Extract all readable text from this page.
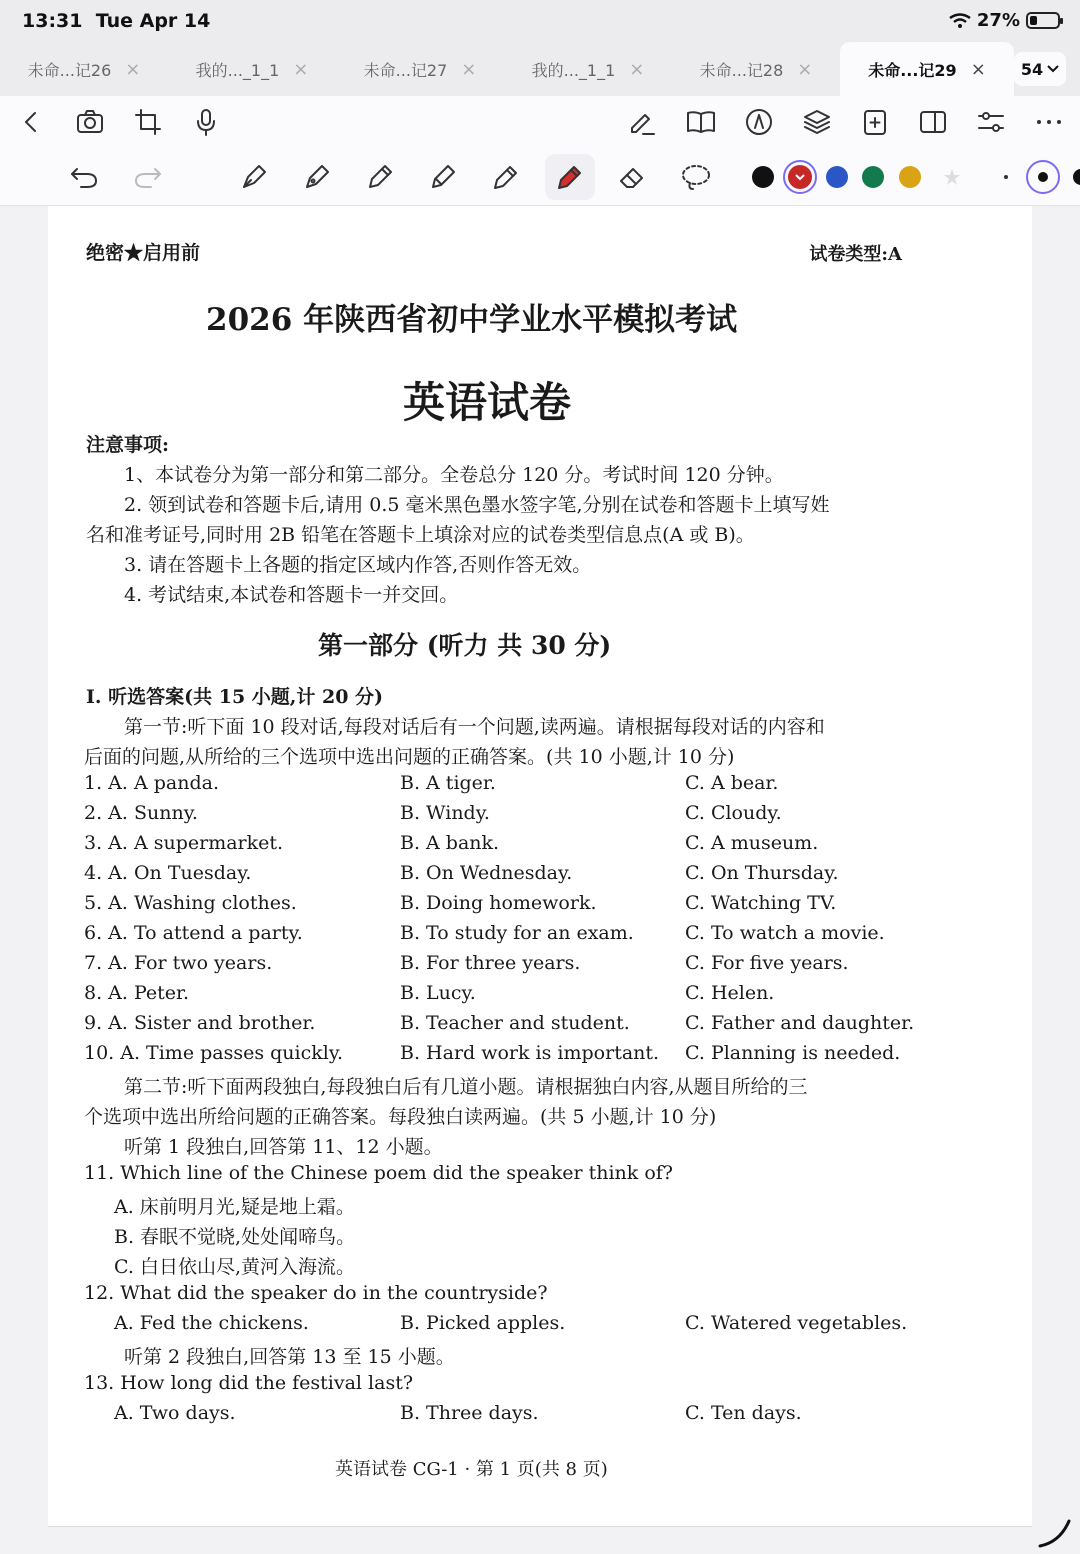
13:31 Tue Apr 14	27%
未命...记26 ×	我的..._1_1 ×	未命...记27 ×	我的..._1_1 ×	未命...记28 ×	未命...记29 × 54
绝密★启用前	试卷类型:A
2026 年陕西省初中学业水平模拟考试
英语试卷
注意事项:
1、本试卷分为第一部分和第二部分。全卷总分 120 分。考试时间 120 分钟。
2. 领到试卷和答题卡后,请用 0.5 毫米黑色墨水签字笔,分别在试卷和答题卡上填写姓
名和准考证号,同时用 2B 铅笔在答题卡上填涂对应的试卷类型信息点(A 或 B)。
3. 请在答题卡上各题的指定区域内作答,否则作答无效。
4. 考试结束,本试卷和答题卡一并交回。
第一部分 (听力 共 30 分)
Ⅰ. 听选答案(共 15 小题,计 20 分)
第一节:听下面 10 段对话,每段对话后有一个问题,读两遍。请根据每段对话的内容和
后面的问题,从所给的三个选项中选出问题的正确答案。(共 10 小题,计 10 分)
1. A. A panda.	B. A tiger.	C. A bear.
2. A. Sunny.	B. Windy.	C. Cloudy.
3. A. A supermarket.	B. A bank.	C. A museum.
4. A. On Tuesday.	B. On Wednesday.	C. On Thursday.
5. A. Washing clothes.	B. Doing homework.	C. Watching TV.
6. A. To attend a party.	B. To study for an exam.	C. To watch a movie.
7. A. For two years.	B. For three years.	C. For five years.
8. A. Peter.	B. Lucy.	C. Helen.
9. A. Sister and brother.	B. Teacher and student.	C. Father and daughter.
10. A. Time passes quickly.	B. Hard work is important. C. Planning is needed.
第二节:听下面两段独白,每段独白后有几道小题。请根据独白内容,从题目所给的三
个选项中选出所给问题的正确答案。每段独白读两遍。(共 5 小题,计 10 分)
听第 1 段独白,回答第 11、12 小题。
11. Which line of the Chinese poem did the speaker think of?
A. 床前明月光,疑是地上霜。
B. 春眠不觉晓,处处闻啼鸟。
C. 白日依山尽,黄河入海流。
12. What did the speaker do in the countryside?
A. Fed the chickens.	B. Picked apples.	C. Watered vegetables.
听第 2 段独白,回答第 13 至 15 小题。
13. How long did the festival last?
A. Two days.	B. Three days.	C. Ten days.
英语试卷 CG-1 · 第 1 页(共 8 页)
